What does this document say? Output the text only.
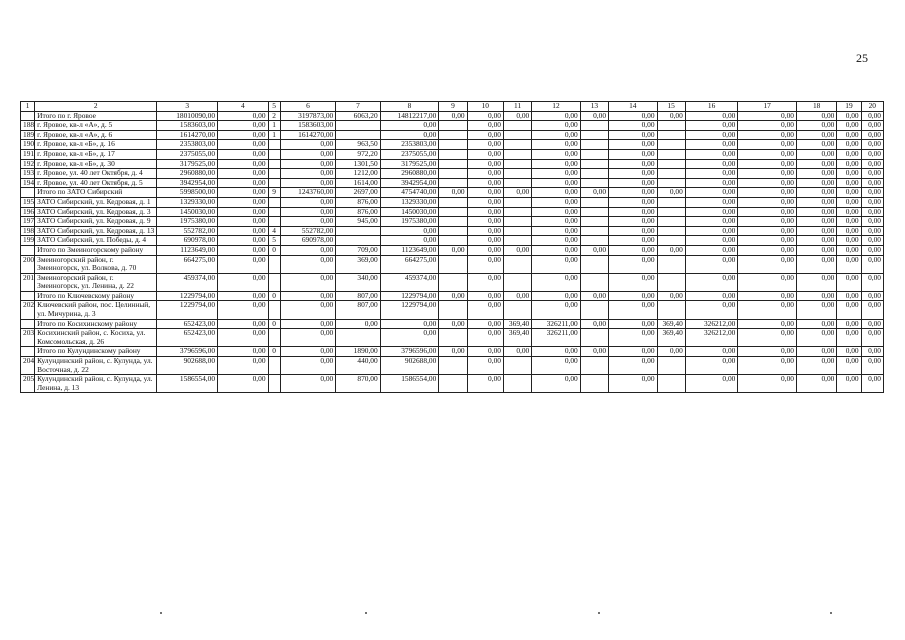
25
1	2	3	4	5	6	7	8	9	10	11	12	13	14	15	16	17	18	19	20
	Итого по г. Яровое	18010090,00	0,00	2	3197873,00	6063,20	14812217,00	0,00	0,00	0,00	0,00	0,00	0,00	0,00	0,00	0,00	0,00	0,00	0,00
188	г. Яровое, кв-л «А», д. 5	1583603,00	0,00	1	1583603,00		0,00		0,00		0,00		0,00		0,00	0,00	0,00	0,00	0,00
189	г. Яровое, кв-л «А», д. 6	1614270,00	0,00	1	1614270,00		0,00		0,00		0,00		0,00		0,00	0,00	0,00	0,00	0,00
190	г. Яровое, кв-л «Б», д. 16	2353803,00	0,00		0,00	963,50	2353803,00		0,00		0,00		0,00		0,00	0,00	0,00	0,00	0,00
191	г. Яровое, кв-л «Б», д. 17	2375055,00	0,00		0,00	972,20	2375055,00		0,00		0,00		0,00		0,00	0,00	0,00	0,00	0,00
192	г. Яровое, кв-л «Б», д. 30	3179525,00	0,00		0,00	1301,50	3179525,00		0,00		0,00		0,00		0,00	0,00	0,00	0,00	0,00
193	г. Яровое, ул. 40 лет Октября, д. 4	2960880,00	0,00		0,00	1212,00	2960880,00		0,00		0,00		0,00		0,00	0,00	0,00	0,00	0,00
194	г. Яровое, ул. 40 лет Октября, д. 5	3942954,00	0,00		0,00	1614,00	3942954,00		0,00		0,00		0,00		0,00	0,00	0,00	0,00	0,00
	Итого по ЗАТО Сибирский	5998500,00	0,00	9	1243760,00	2697,00	4754740,00	0,00	0,00	0,00	0,00	0,00	0,00	0,00	0,00	0,00	0,00	0,00	0,00
195	ЗАТО Сибирский, ул. Кедровая, д. 1	1329330,00	0,00		0,00	876,00	1329330,00		0,00		0,00		0,00		0,00	0,00	0,00	0,00	0,00
196	ЗАТО Сибирский, ул. Кедровая, д. 3	1450030,00	0,00		0,00	876,00	1450030,00		0,00		0,00		0,00		0,00	0,00	0,00	0,00	0,00
197	ЗАТО Сибирский, ул. Кедровая, д. 9	1975380,00	0,00		0,00	945,00	1975380,00		0,00		0,00		0,00		0,00	0,00	0,00	0,00	0,00
198	ЗАТО Сибирский, ул. Кедровая, д. 13	552782,00	0,00	4	552782,00		0,00		0,00		0,00		0,00		0,00	0,00	0,00	0,00	0,00
199	ЗАТО Сибирский, ул. Победы, д. 4	690978,00	0,00	5	690978,00		0,00		0,00		0,00		0,00		0,00	0,00	0,00	0,00	0,00
	Итого по Змеиногорскому району	1123649,00	0,00	0	0,00	709,00	1123649,00	0,00	0,00	0,00	0,00	0,00	0,00	0,00	0,00	0,00	0,00	0,00	0,00
200	Змеиногорский район, г. Змеиногорск, ул. Волкова, д. 70	664275,00	0,00		0,00	369,00	664275,00		0,00		0,00		0,00		0,00	0,00	0,00	0,00	0,00
201	Змеиногорский район, г. Змеиногорск, ул. Ленина, д. 22	459374,00	0,00		0,00	340,00	459374,00		0,00		0,00		0,00		0,00	0,00	0,00	0,00	0,00
	Итого по Ключевскому району	1229794,00	0,00	0	0,00	807,00	1229794,00	0,00	0,00	0,00	0,00	0,00	0,00	0,00	0,00	0,00	0,00	0,00	0,00
202	Ключевский район, пос. Целинный, ул. Мичурина, д. 3	1229794,00	0,00		0,00	807,00	1229794,00		0,00		0,00		0,00		0,00	0,00	0,00	0,00	0,00
	Итого по Косихинскому району	652423,00	0,00	0	0,00	0,00	0,00	0,00	0,00	369,40	326211,00	0,00	0,00	369,40	326212,00	0,00	0,00	0,00	0,00
203	Косихинский район, с. Косиха, ул. Комсомольская, д. 26	652423,00	0,00		0,00		0,00		0,00	369,40	326211,00		0,00	369,40	326212,00	0,00	0,00	0,00	0,00
	Итого по Кулундинскому району	3796596,00	0,00	0	0,00	1890,00	3796596,00	0,00	0,00	0,00	0,00	0,00	0,00	0,00	0,00	0,00	0,00	0,00	0,00
204	Кулундинский район, с. Кулунда, ул. Восточная, д. 22	902688,00	0,00		0,00	440,00	902688,00		0,00		0,00		0,00		0,00	0,00	0,00	0,00	0,00
205	Кулундинский район, с. Кулунда, ул. Ленина, д. 13	1586554,00	0,00		0,00	870,00	1586554,00		0,00		0,00		0,00		0,00	0,00	0,00	0,00	0,00
